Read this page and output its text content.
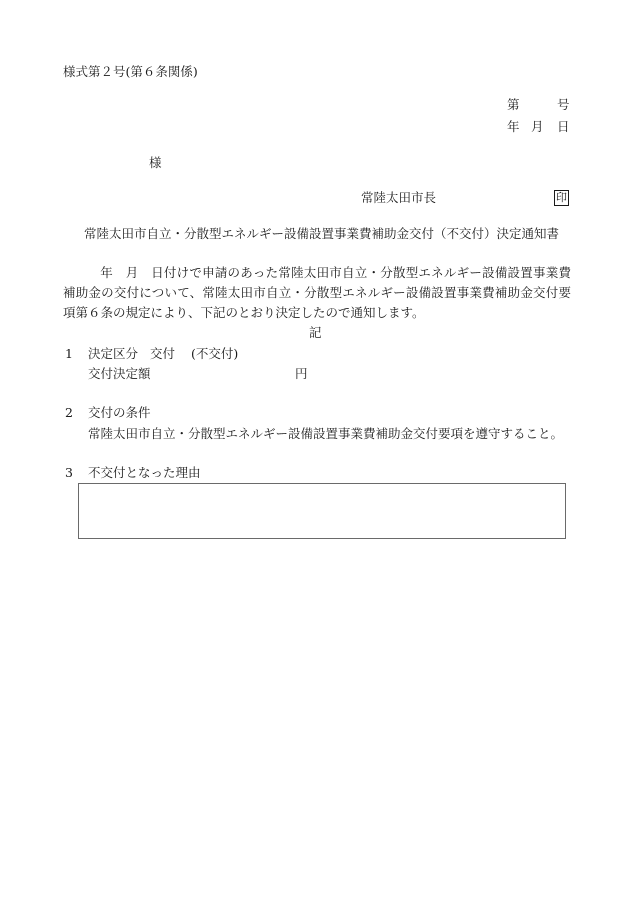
様式第２号(第６条関係)
第	号
年 月 日
様
常陸太田市長	印
常陸太田市自立・分散型エネルギー設備設置事業費補助金交付（不交付）決定通知書

年　月　日付けで申請のあった常陸太田市自立・分散型エネルギー設備設置事業費補助金の交付について、常陸太田市自立・分散型エネルギー設備設置事業費補助金交付要項第６条の規定により、下記のとおり決定したので通知します。

記
1 決定区分 交付 (不交付)
交付決定額	円
2 交付の条件
常陸太田市自立・分散型エネルギー設備設置事業費補助金交付要項を遵守すること。
3 不交付となった理由
